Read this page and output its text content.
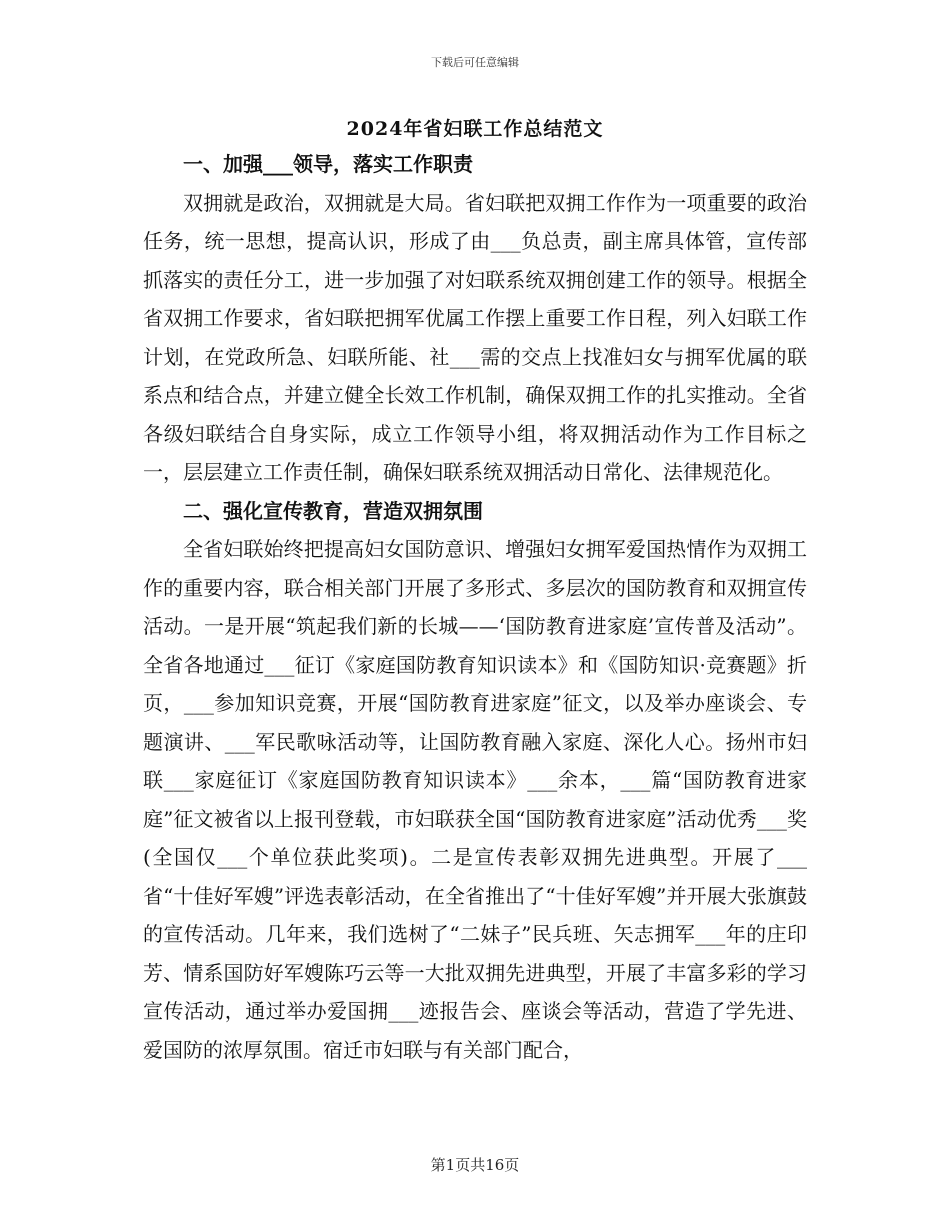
下载后可任意编辑
2024年省妇联工作总结范文

一、加强___领导，落实工作职责

双拥就是政治，双拥就是大局。省妇联把双拥工作作为一项重要的政治任务，统一思想，提高认识，形成了由___负总责，副主席具体管，宣传部抓落实的责任分工，进一步加强了对妇联系统双拥创建工作的领导。根据全省双拥工作要求，省妇联把拥军优属工作摆上重要工作日程，列入妇联工作计划，在党政所急、妇联所能、社___需的交点上找准妇女与拥军优属的联系点和结合点，并建立健全长效工作机制，确保双拥工作的扎实推动。全省各级妇联结合自身实际，成立工作领导小组，将双拥活动作为工作目标之一，层层建立工作责任制，确保妇联系统双拥活动日常化、法律规范化。

二、强化宣传教育，营造双拥氛围

全省妇联始终把提高妇女国防意识、增强妇女拥军爱国热情作为双拥工作的重要内容，联合相关部门开展了多形式、多层次的国防教育和双拥宣传活动。一是开展“筑起我们新的长城——‘国防教育进家庭’宣传普及活动”。全省各地通过___征订《家庭国防教育知识读本》和《国防知识·竞赛题》折页，___参加知识竞赛，开展“国防教育进家庭”征文，以及举办座谈会、专题演讲、___军民歌咏活动等，让国防教育融入家庭、深化人心。扬州市妇联___家庭征订《家庭国防教育知识读本》___余本，___篇“国防教育进家庭”征文被省以上报刊登载，市妇联获全国“国防教育进家庭”活动优秀___奖(全国仅___个单位获此奖项)。二是宣传表彰双拥先进典型。开展了___省“十佳好军嫂”评选表彰活动，在全省推出了“十佳好军嫂”并开展大张旗鼓的宣传活动。几年来，我们选树了“二妹子”民兵班、矢志拥军___年的庄印芳、情系国防好军嫂陈巧云等一大批双拥先进典型，开展了丰富多彩的学习宣传活动，通过举办爱国拥___迹报告会、座谈会等活动，营造了学先进、爱国防的浓厚氛围。宿迁市妇联与有关部门配合，

第1页共16页
